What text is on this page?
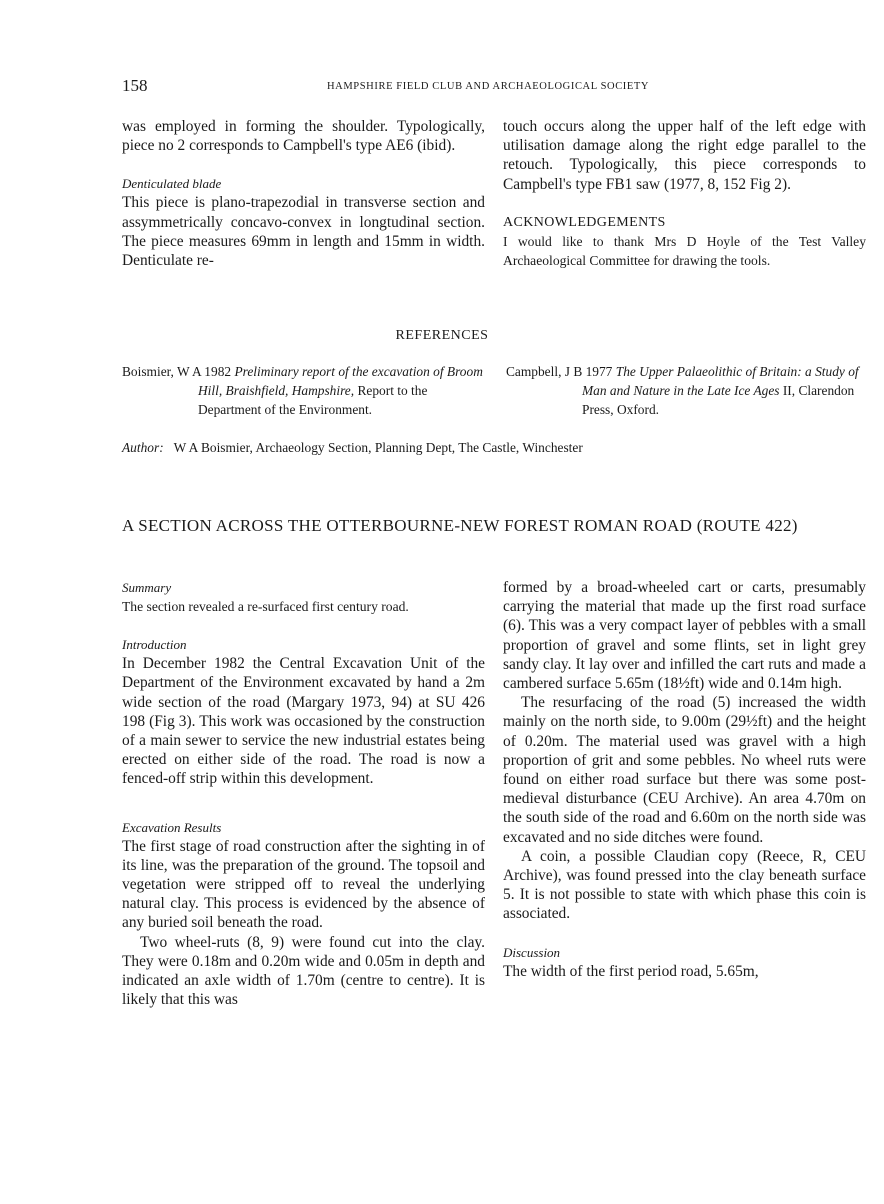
158	HAMPSHIRE FIELD CLUB AND ARCHAEOLOGICAL SOCIETY

was employed in forming the shoulder. Typologically, piece no 2 corresponds to Campbell's type AE6 (ibid).

Denticulated blade

This piece is plano-trapezodial in transverse section and assymmetrically concavo-convex in longtudinal section. The piece measures 69mm in length and 15mm in width. Denticulate re-

touch occurs along the upper half of the left edge with utilisation damage along the right edge parallel to the retouch. Typologically, this piece corresponds to Campbell's type FB1 saw (1977, 8, 152 Fig 2).

ACKNOWLEDGEMENTS

I would like to thank Mrs D Hoyle of the Test Valley Archaeological Committee for drawing the tools.

REFERENCES

Boismier, W A 1982 Preliminary report of the excavation of Broom Hill, Braishfield, Hampshire, Report to the Department of the Environment.

Campbell, J B 1977 The Upper Palaeolithic of Britain: a Study of Man and Nature in the Late Ice Ages II, Clarendon Press, Oxford.

Author: W A Boismier, Archaeology Section, Planning Dept, The Castle, Winchester
A SECTION ACROSS THE OTTERBOURNE-NEW FOREST ROMAN ROAD (ROUTE 422)

Summary

The section revealed a re-surfaced first century road.

Introduction

In December 1982 the Central Excavation Unit of the Department of the Environment excavated by hand a 2m wide section of the road (Margary 1973, 94) at SU 426 198 (Fig 3). This work was occasioned by the construction of a main sewer to service the new industrial estates being erected on either side of the road. The road is now a fenced-off strip within this development.

Excavation Results

The first stage of road construction after the sighting in of its line, was the preparation of the ground. The topsoil and vegetation were stripped off to reveal the underlying natural clay. This process is evidenced by the absence of any buried soil beneath the road.

Two wheel-ruts (8, 9) were found cut into the clay. They were 0.18m and 0.20m wide and 0.05m in depth and indicated an axle width of 1.70m (centre to centre). It is likely that this was

formed by a broad-wheeled cart or carts, presumably carrying the material that made up the first road surface (6). This was a very compact layer of pebbles with a small proportion of gravel and some flints, set in light grey sandy clay. It lay over and infilled the cart ruts and made a cambered surface 5.65m (18½ft) wide and 0.14m high.

The resurfacing of the road (5) increased the width mainly on the north side, to 9.00m (29½ft) and the height of 0.20m. The material used was gravel with a high proportion of grit and some pebbles. No wheel ruts were found on either road surface but there was some post-medieval disturbance (CEU Archive). An area 4.70m on the south side of the road and 6.60m on the north side was excavated and no side ditches were found.

A coin, a possible Claudian copy (Reece, R, CEU Archive), was found pressed into the clay beneath surface 5. It is not possible to state with which phase this coin is associated.

Discussion

The width of the first period road, 5.65m,
